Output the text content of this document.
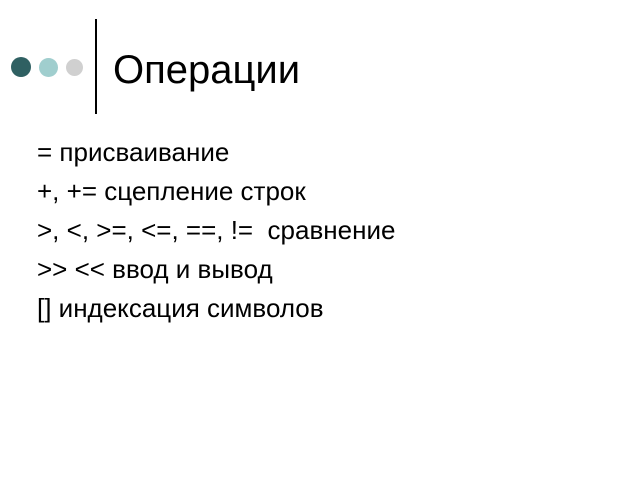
Операции
= присваивание
+, += сцепление строк
>, <, >=, <=, ==, !=  сравнение
>> << ввод и вывод
[] индексация символов
